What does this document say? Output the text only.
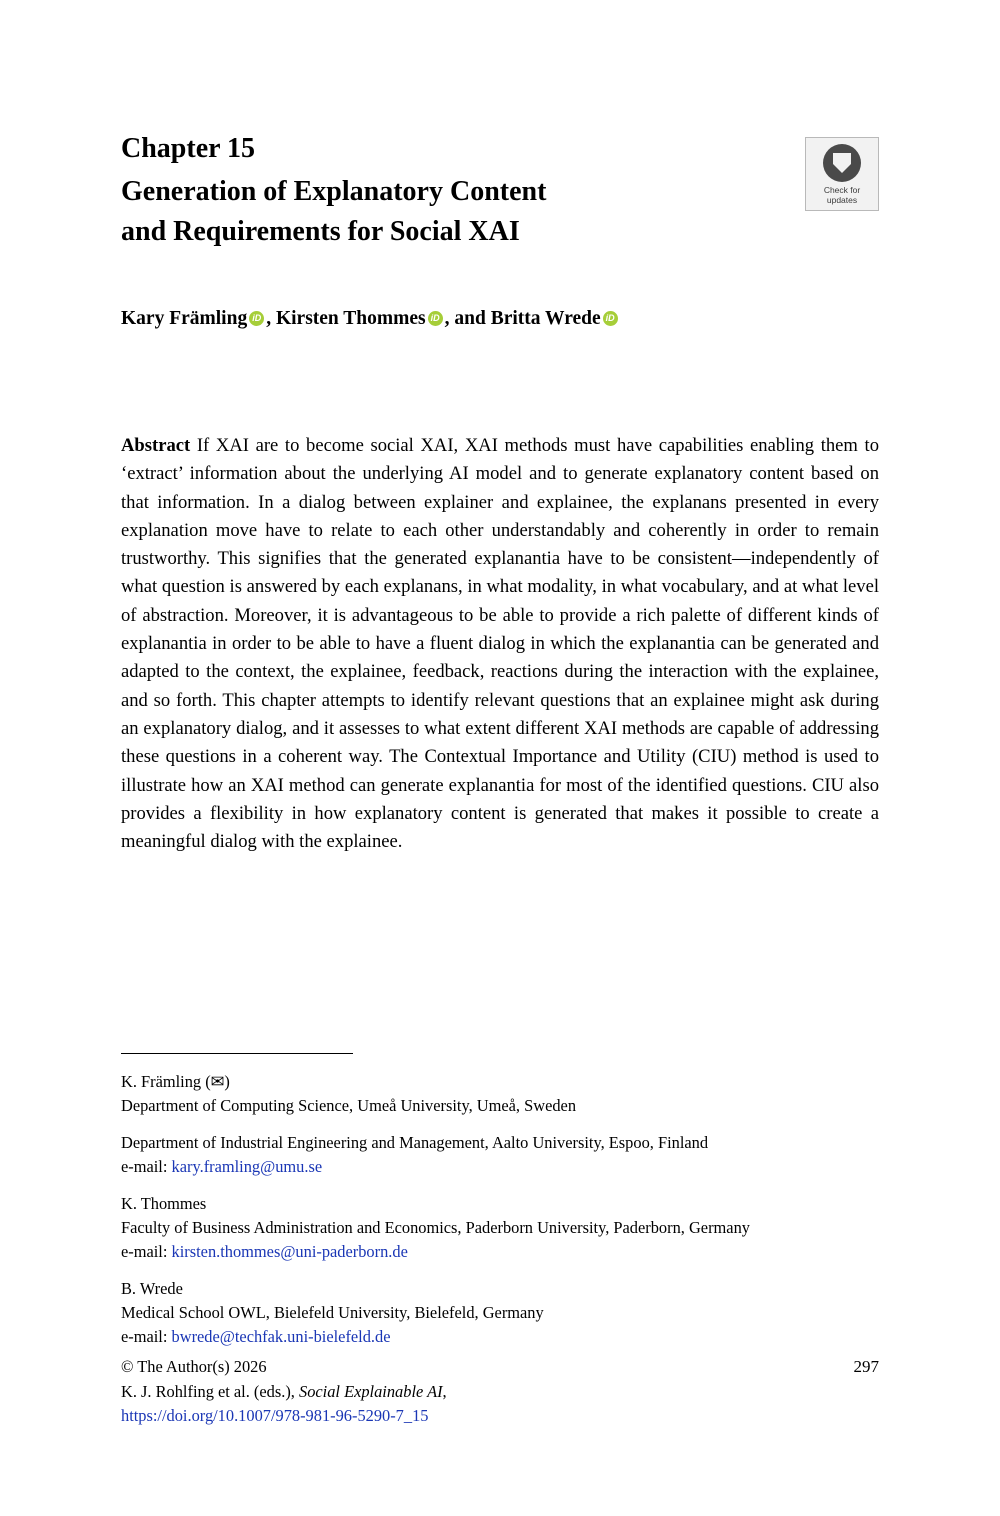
Check for
updates
Chapter 15
Generation of Explanatory Content
and Requirements for Social XAI
Kary Främling iD , Kirsten Thommes iD , and Britta WredeiD
Abstract If XAI are to become social XAI, XAI methods must have capabilities enabling them to ‘extract’ information about the underlying AI model and to generate explanatory content based on that information. In a dialog between explainer and explainee, the explanans presented in every explanation move have to relate to each other understandably and coherently in order to remain trustworthy. This signifies that the generated explanantia have to be consistent—independently of what question is answered by each explanans, in what modality, in what vocabulary, and at what level of abstraction. Moreover, it is advantageous to be able to provide a rich palette of different kinds of explanantia in order to be able to have a fluent dialog in which the explanantia can be generated and adapted to the context, the explainee, feedback, reactions during the interaction with the explainee, and so forth. This chapter attempts to identify relevant questions that an explainee might ask during an explanatory dialog, and it assesses to what extent different XAI methods are capable of addressing these questions in a coherent way. The Contextual Importance and Utility (CIU) method is used to illustrate how an XAI method can generate explanantia for most of the identified questions. CIU also provides a flexibility in how explanatory content is generated that makes it possible to create a meaningful dialog with the explainee.
K. Främling (✉)
Department of Computing Science, Umeå University, Umeå, Sweden
Department of Industrial Engineering and Management, Aalto University, Espoo, Finland
e-mail: kary.framling@umu.se
K. Thommes
Faculty of Business Administration and Economics, Paderborn University, Paderborn, Germany
e-mail: kirsten.thommes@uni-paderborn.de
B. Wrede
Medical School OWL, Bielefeld University, Bielefeld, Germany
e-mail: bwrede@techfak.uni-bielefeld.de
© The Author(s) 2026	297
K. J. Rohlfing et al. (eds.), Social Explainable AI,
https://doi.org/10.1007/978-981-96-5290-7_15
